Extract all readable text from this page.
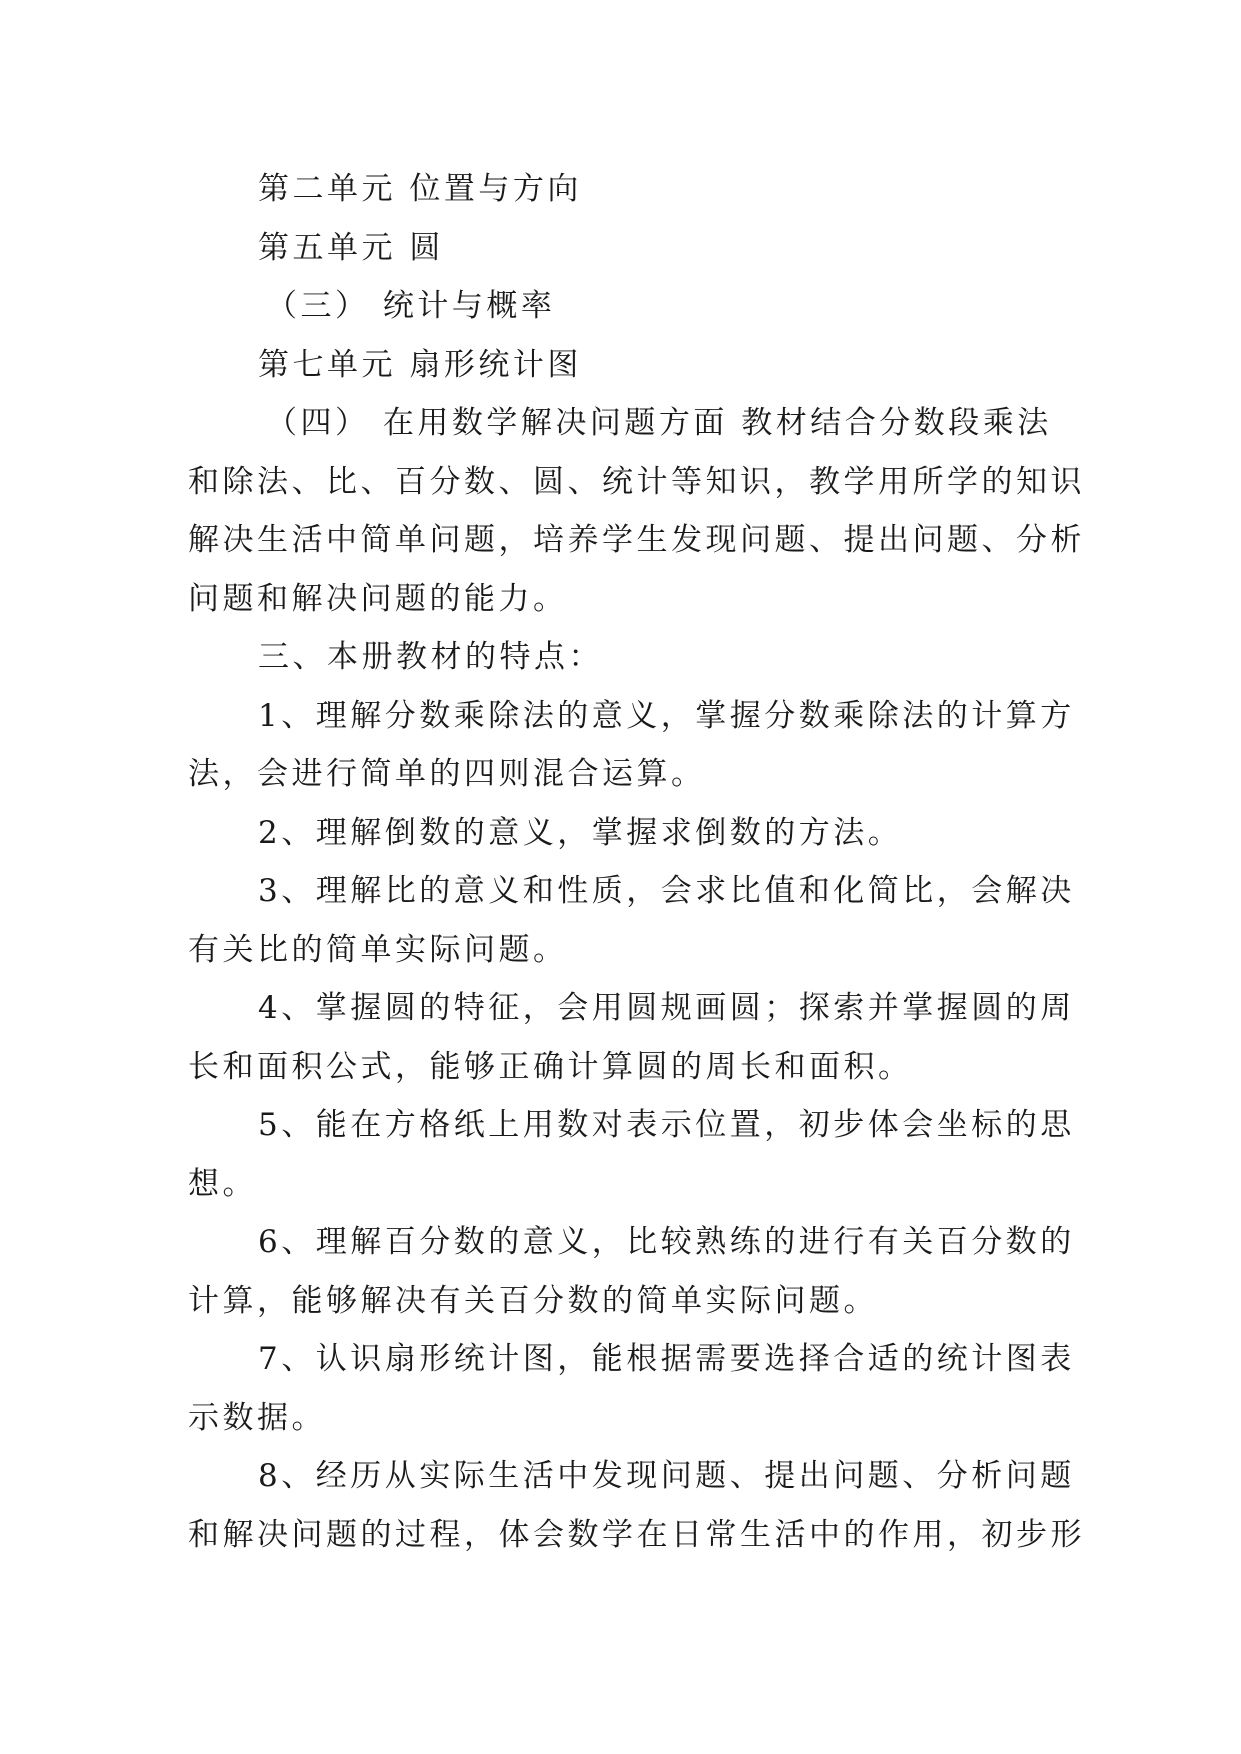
第二单元 位置与方向
第五单元 圆
（三） 统计与概率
第七单元 扇形统计图
（四） 在用数学解决问题方面 教材结合分数段乘法
和除法、比、百分数、圆、统计等知识，教学用所学的知识
解决生活中简单问题，培养学生发现问题、提出问题、分析
问题和解决问题的能力。
三、本册教材的特点：
1、理解分数乘除法的意义，掌握分数乘除法的计算方
法，会进行简单的四则混合运算。
2、理解倒数的意义，掌握求倒数的方法。
3、理解比的意义和性质，会求比值和化简比，会解决
有关比的简单实际问题。
4、掌握圆的特征，会用圆规画圆；探索并掌握圆的周
长和面积公式，能够正确计算圆的周长和面积。
5、能在方格纸上用数对表示位置，初步体会坐标的思
想。
6、理解百分数的意义，比较熟练的进行有关百分数的
计算，能够解决有关百分数的简单实际问题。
7、认识扇形统计图，能根据需要选择合适的统计图表
示数据。
8、经历从实际生活中发现问题、提出问题、分析问题
和解决问题的过程，体会数学在日常生活中的作用，初步形
